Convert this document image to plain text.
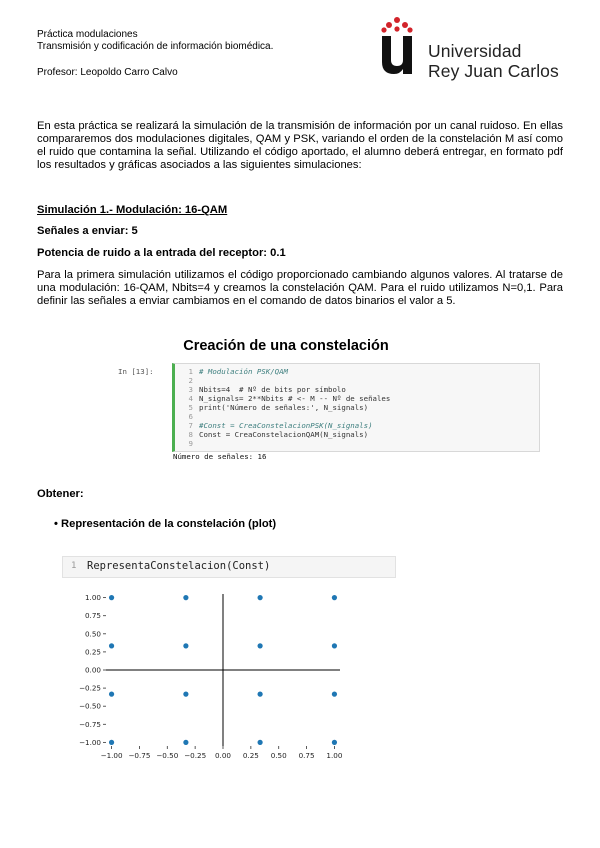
Práctica modulaciones
Transmisión y codificación de información biomédica.
Profesor: Leopoldo Carro Calvo
Universidad
Rey Juan Carlos
En esta práctica se realizará la simulación de la transmisión de información por un canal ruidoso. En ellas compararemos dos modulaciones digitales, QAM y PSK, variando el orden de la constelación M así como el ruido que contamina la señal. Utilizando el código aportado, el alumno deberá entregar, en formato pdf los resultados y gráficas asociados a las siguientes simulaciones:
Simulación 1.- Modulación: 16-QAM
Señales a enviar: 5
Potencia de ruido a la entrada del receptor: 0.1
Para la primera simulación utilizamos el código proporcionado cambiando algunos valores. Al tratarse de una modulación: 16-QAM, Nbits=4 y creamos la constelación QAM. Para el ruido utilizamos N=0,1. Para definir las señales a enviar cambiamos en el comando de datos binarios el valor a 5.
Creación de una constelación
In [13]:	1 # Modulación PSK/QAM
2
3 Nbits=4  # Nº de bits por símbolo
4 N_signals= 2**Nbits # <- M -- Nº de señales
5 print('Número de señales:', N_signals)
6
7 #Const = CreaConstelacionPSK(N_signals)
8 Const = CreaConstelacionQAM(N_signals)
9
Número de señales: 16
Obtener:
• Representación de la constelación (plot)
1 RepresentaConstelacion(Const)
1.00
0.75
0.50
0.25
0.00
−0.25
−0.50
−0.75
−1.00
−1.00 −0.75 −0.50 −0.25 0.00 0.25 0.50 0.75 1.00
